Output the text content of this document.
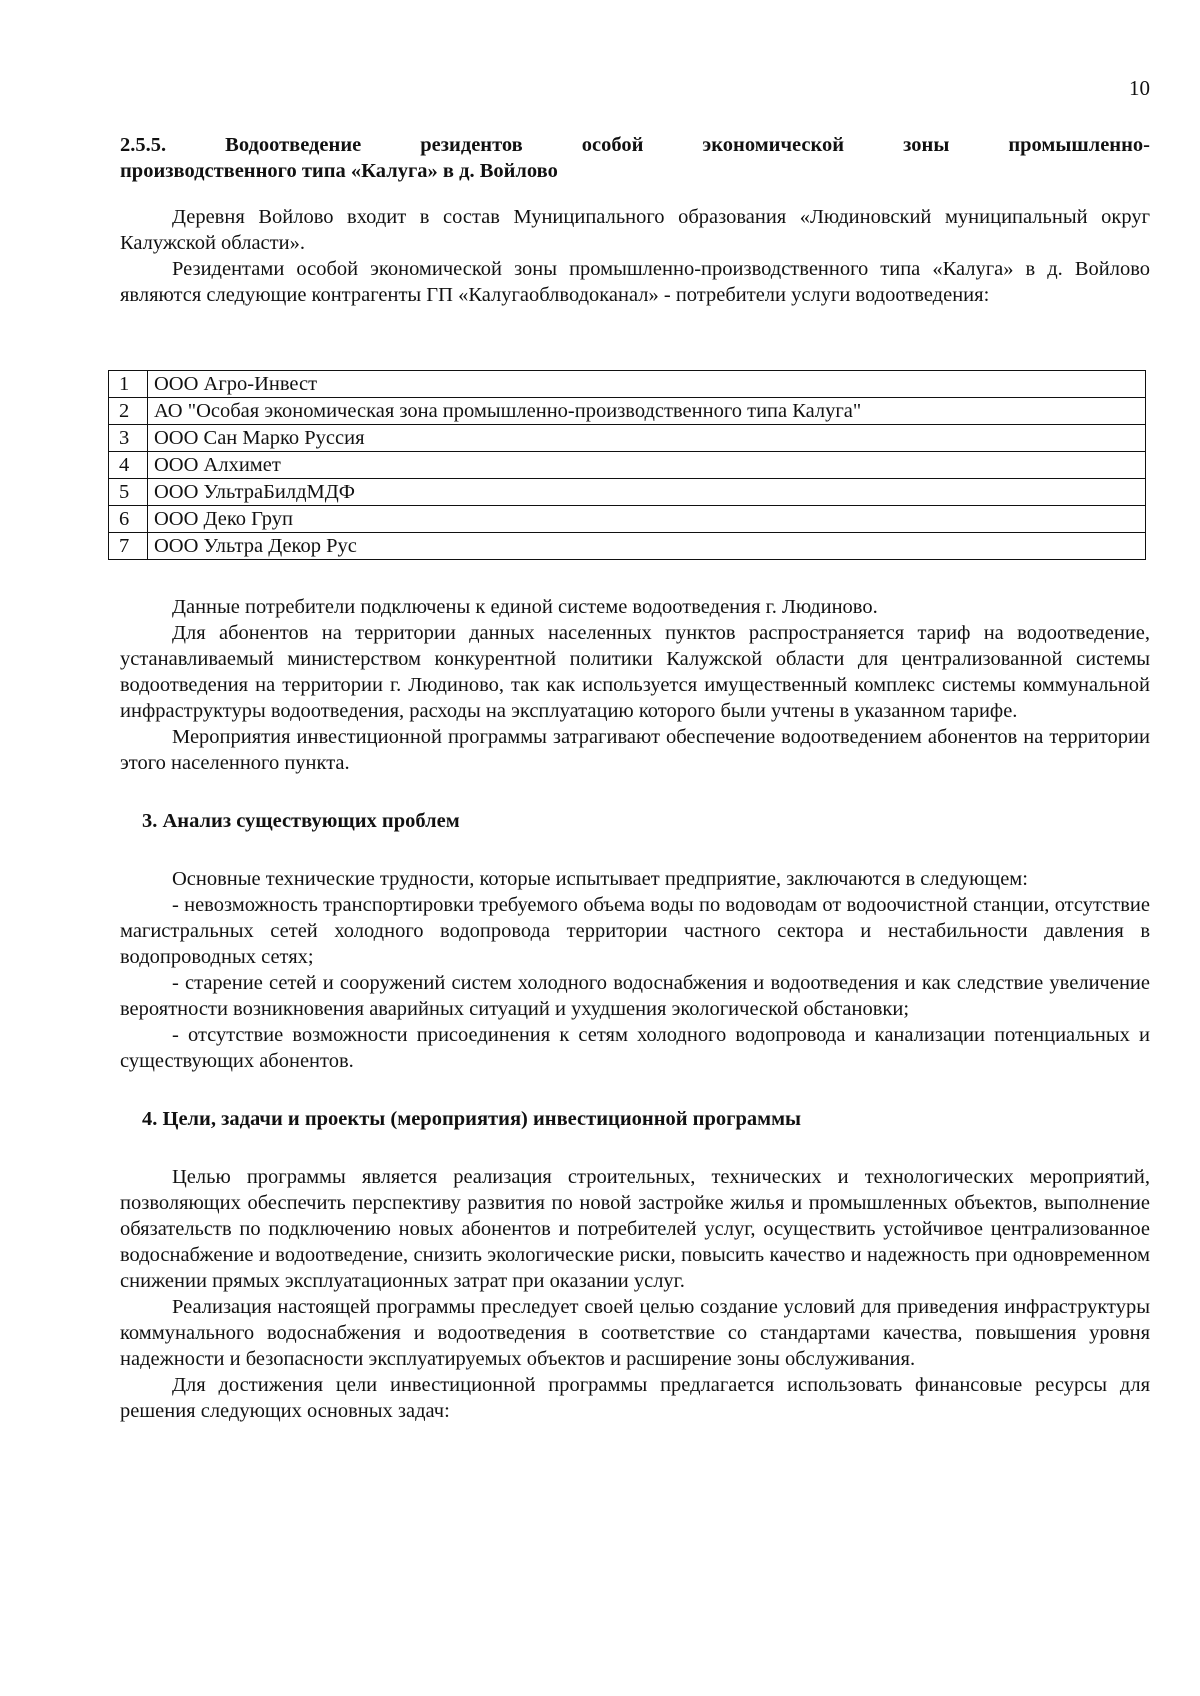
10
2.5.5. Водоотведение резидентов особой экономической зоны промышленно-
производственного типа «Калуга» в д. Войлово

Деревня Войлово входит в состав Муниципального образования «Людиновский муниципальный округ Калужской области».

Резидентами особой экономической зоны промышленно-производственного типа «Калуга» в д. Войлово являются следующие контрагенты ГП «Калугаоблводоканал» - потребители услуги водоотведения:

1	ООО Агро-Инвест
2	АО "Особая экономическая зона промышленно-производственного типа Калуга"
3	ООО Сан Марко Руссия
4	ООО Алхимет
5	ООО УльтраБилдМДФ
6	ООО Деко Груп
7	ООО Ультра Декор Рус

Данные потребители подключены к единой системе водоотведения г. Людиново.

Для абонентов на территории данных населенных пунктов распространяется тариф на водоотведение, устанавливаемый министерством конкурентной политики Калужской области для централизованной системы водоотведения на территории г. Людиново, так как используется имущественный комплекс системы коммунальной инфраструктуры водоотведения, расходы на эксплуатацию которого были учтены в указанном тарифе.

Мероприятия инвестиционной программы затрагивают обеспечение водоотведением абонентов на территории этого населенного пункта.

3. Анализ существующих проблем

Основные технические трудности, которые испытывает предприятие, заключаются в следующем:

- невозможность транспортировки требуемого объема воды по водоводам от водоочистной станции, отсутствие магистральных сетей холодного водопровода территории частного сектора и нестабильности давления в водопроводных сетях;

- старение сетей и сооружений систем холодного водоснабжения и водоотведения и как следствие увеличение вероятности возникновения аварийных ситуаций и ухудшения экологической обстановки;

- отсутствие возможности присоединения к сетям холодного водопровода и канализации потенциальных и существующих абонентов.

4. Цели, задачи и проекты (мероприятия) инвестиционной программы

Целью программы является реализация строительных, технических и технологических мероприятий, позволяющих обеспечить перспективу развития по новой застройке жилья и промышленных объектов, выполнение обязательств по подключению новых абонентов и потребителей услуг, осуществить устойчивое централизованное водоснабжение и водоотведение, снизить экологические риски, повысить качество и надежность при одновременном снижении прямых эксплуатационных затрат при оказании услуг.

Реализация настоящей программы преследует своей целью создание условий для приведения инфраструктуры коммунального водоснабжения и водоотведения в соответствие со стандартами качества, повышения уровня надежности и безопасности эксплуатируемых объектов и расширение зоны обслуживания.

Для достижения цели инвестиционной программы предлагается использовать финансовые ресурсы для решения следующих основных задач:
